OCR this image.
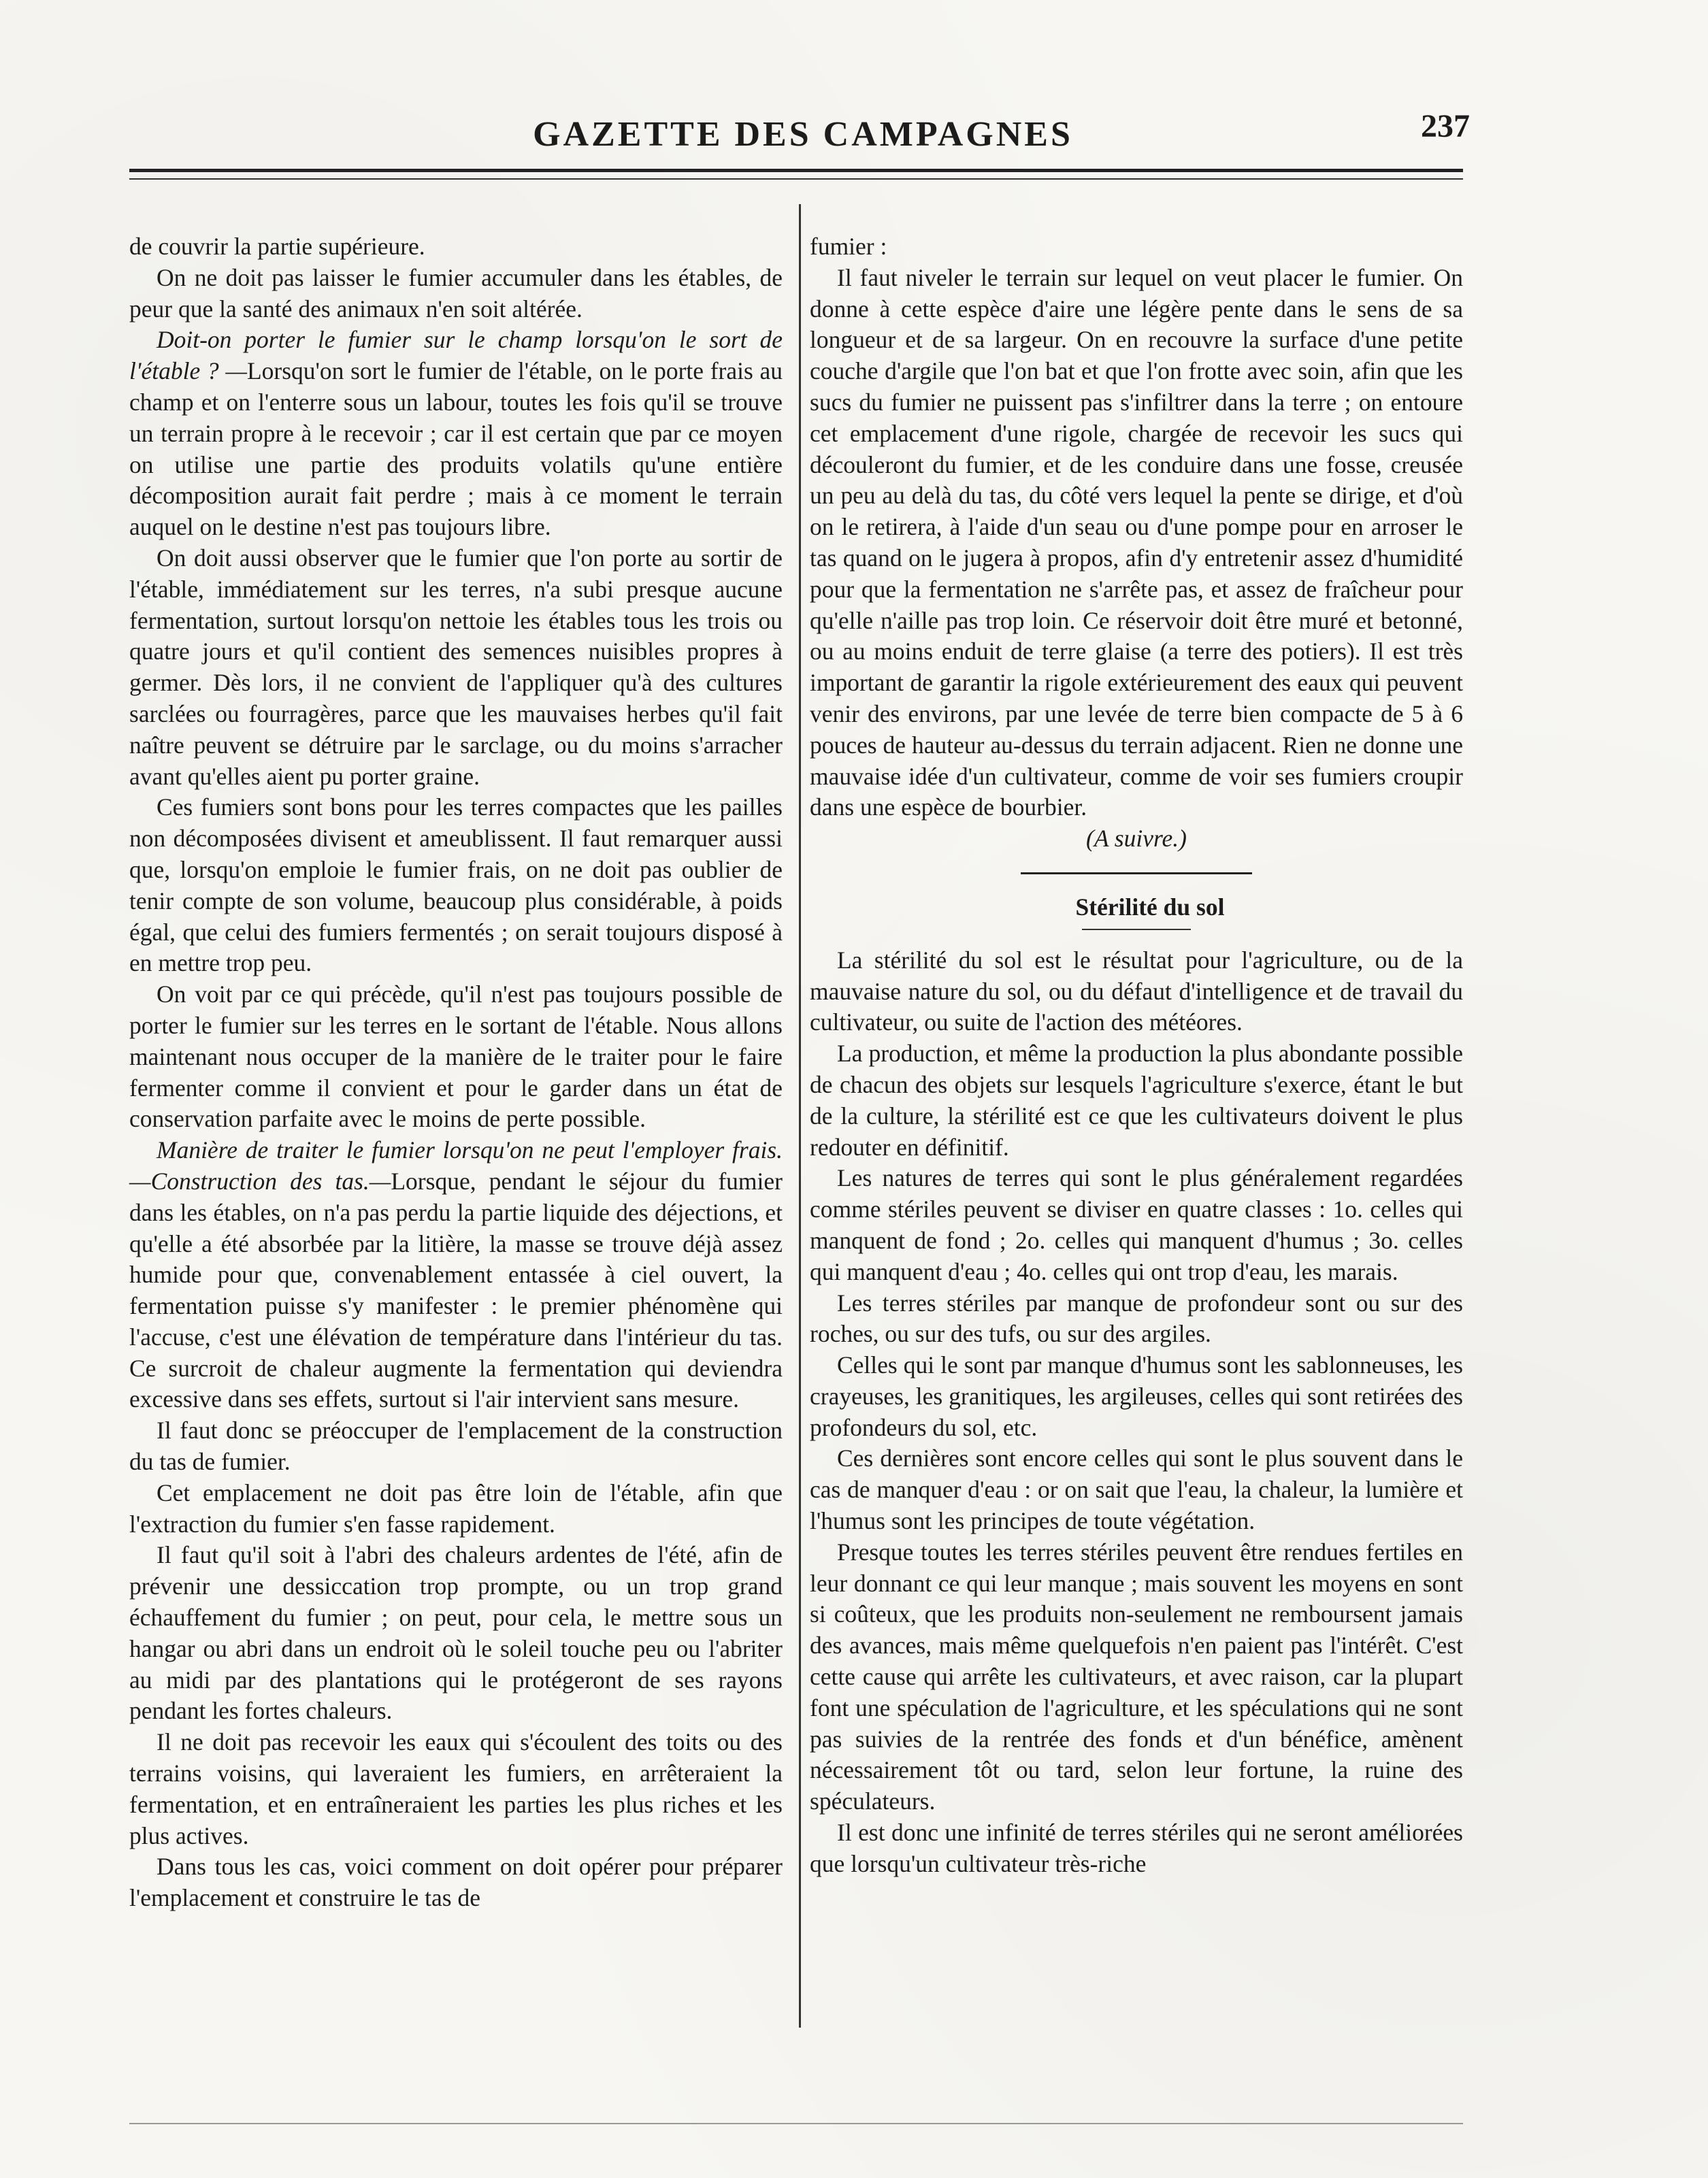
GAZETTE DES CAMPAGNES	237

de couvrir la partie supérieure.

On ne doit pas laisser le fumier accumuler dans les étables, de peur que la santé des animaux n'en soit altérée.

Doit-on porter le fumier sur le champ lorsqu'on le sort de l'étable ? —Lorsqu'on sort le fumier de l'étable, on le porte frais au champ et on l'enterre sous un labour, toutes les fois qu'il se trouve un terrain propre à le recevoir ; car il est certain que par ce moyen on utilise une partie des produits volatils qu'une entière décomposition aurait fait perdre ; mais à ce moment le terrain auquel on le destine n'est pas toujours libre.

On doit aussi observer que le fumier que l'on porte au sortir de l'étable, immédiatement sur les terres, n'a subi presque aucune fermentation, surtout lorsqu'on nettoie les étables tous les trois ou quatre jours et qu'il contient des semences nuisibles propres à germer. Dès lors, il ne convient de l'appliquer qu'à des cultures sarclées ou fourragères, parce que les mauvaises herbes qu'il fait naître peuvent se détruire par le sarclage, ou du moins s'arracher avant qu'elles aient pu porter graine.

Ces fumiers sont bons pour les terres compactes que les pailles non décomposées divisent et ameublissent. Il faut remarquer aussi que, lorsqu'on emploie le fumier frais, on ne doit pas oublier de tenir compte de son volume, beaucoup plus considérable, à poids égal, que celui des fumiers fermentés ; on serait toujours disposé à en mettre trop peu.

On voit par ce qui précède, qu'il n'est pas toujours possible de porter le fumier sur les terres en le sortant de l'étable. Nous allons maintenant nous occuper de la manière de le traiter pour le faire fermenter comme il convient et pour le garder dans un état de conservation parfaite avec le moins de perte possible.

Manière de traiter le fumier lorsqu'on ne peut l'employer frais.—Construction des tas.—Lorsque, pendant le séjour du fumier dans les étables, on n'a pas perdu la partie liquide des déjections, et qu'elle a été absorbée par la litière, la masse se trouve déjà assez humide pour que, convenablement entassée à ciel ouvert, la fermentation puisse s'y manifester : le premier phénomène qui l'accuse, c'est une élévation de température dans l'intérieur du tas. Ce surcroit de chaleur augmente la fermentation qui deviendra excessive dans ses effets, surtout si l'air intervient sans mesure.

Il faut donc se préoccuper de l'emplacement de la construction du tas de fumier.

Cet emplacement ne doit pas être loin de l'étable, afin que l'extraction du fumier s'en fasse rapidement.

Il faut qu'il soit à l'abri des chaleurs ardentes de l'été, afin de prévenir une dessiccation trop prompte, ou un trop grand échauffement du fumier ; on peut, pour cela, le mettre sous un hangar ou abri dans un endroit où le soleil touche peu ou l'abriter au midi par des plantations qui le protégeront de ses rayons pendant les fortes chaleurs.

Il ne doit pas recevoir les eaux qui s'écoulent des toits ou des terrains voisins, qui laveraient les fumiers, en arrêteraient la fermentation, et en entraîneraient les parties les plus riches et les plus actives.

Dans tous les cas, voici comment on doit opérer pour préparer l'emplacement et construire le tas de

fumier :

Il faut niveler le terrain sur lequel on veut placer le fumier. On donne à cette espèce d'aire une légère pente dans le sens de sa longueur et de sa largeur. On en recouvre la surface d'une petite couche d'argile que l'on bat et que l'on frotte avec soin, afin que les sucs du fumier ne puissent pas s'infiltrer dans la terre ; on entoure cet emplacement d'une rigole, chargée de recevoir les sucs qui découleront du fumier, et de les conduire dans une fosse, creusée un peu au delà du tas, du côté vers lequel la pente se dirige, et d'où on le retirera, à l'aide d'un seau ou d'une pompe pour en arroser le tas quand on le jugera à propos, afin d'y entretenir assez d'humidité pour que la fermentation ne s'arrête pas, et assez de fraîcheur pour qu'elle n'aille pas trop loin. Ce réservoir doit être muré et betonné, ou au moins enduit de terre glaise (a terre des potiers). Il est très important de garantir la rigole extérieurement des eaux qui peuvent venir des environs, par une levée de terre bien compacte de 5 à 6 pouces de hauteur au-dessus du terrain adjacent. Rien ne donne une mauvaise idée d'un cultivateur, comme de voir ses fumiers croupir dans une espèce de bourbier.

(A suivre.)

Stérilité du sol

La stérilité du sol est le résultat pour l'agriculture, ou de la mauvaise nature du sol, ou du défaut d'intelligence et de travail du cultivateur, ou suite de l'action des météores.

La production, et même la production la plus abondante possible de chacun des objets sur lesquels l'agriculture s'exerce, étant le but de la culture, la stérilité est ce que les cultivateurs doivent le plus redouter en définitif.

Les natures de terres qui sont le plus généralement regardées comme stériles peuvent se diviser en quatre classes : 1o. celles qui manquent de fond ; 2o. celles qui manquent d'humus ; 3o. celles qui manquent d'eau ; 4o. celles qui ont trop d'eau, les marais.

Les terres stériles par manque de profondeur sont ou sur des roches, ou sur des tufs, ou sur des argiles.

Celles qui le sont par manque d'humus sont les sablonneuses, les crayeuses, les granitiques, les argileuses, celles qui sont retirées des profondeurs du sol, etc.

Ces dernières sont encore celles qui sont le plus souvent dans le cas de manquer d'eau : or on sait que l'eau, la chaleur, la lumière et l'humus sont les principes de toute végétation.

Presque toutes les terres stériles peuvent être rendues fertiles en leur donnant ce qui leur manque ; mais souvent les moyens en sont si coûteux, que les produits non-seulement ne remboursent jamais des avances, mais même quelquefois n'en paient pas l'intérêt. C'est cette cause qui arrête les cultivateurs, et avec raison, car la plupart font une spéculation de l'agriculture, et les spéculations qui ne sont pas suivies de la rentrée des fonds et d'un bénéfice, amènent nécessairement tôt ou tard, selon leur fortune, la ruine des spéculateurs.

Il est donc une infinité de terres stériles qui ne seront améliorées que lorsqu'un cultivateur très-riche
